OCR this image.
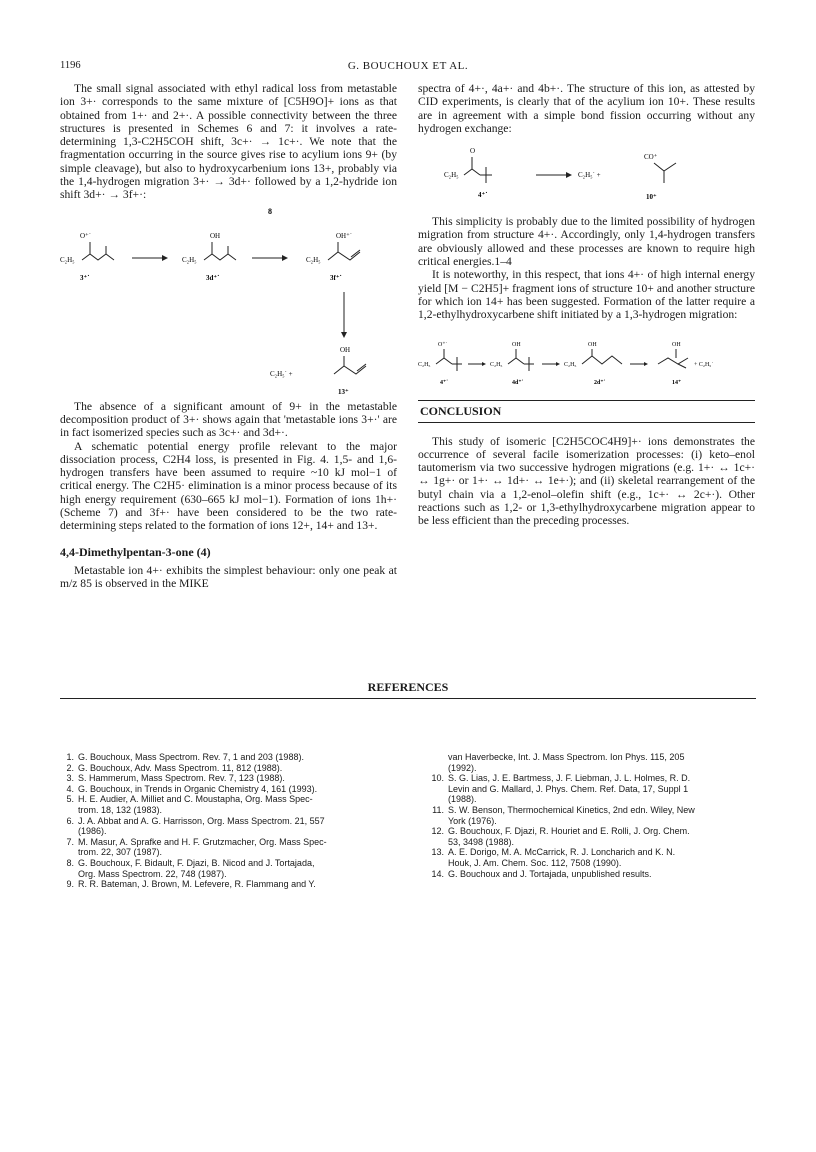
1196	G. BOUCHOUX ET AL.

The small signal associated with ethyl radical loss from metastable ion 3+· corresponds to the same mixture of [C5H9O]+ ions as that obtained from 1+· and 2+·. A possible connectivity between the three structures is presented in Schemes 6 and 7: it involves a rate-determining 1,3-C2H5COH shift, 3c+· → 1c+·. We note that the fragmentation occurring in the source gives rise to acylium ions 9+ (by simple cleavage), but also to hydroxycarbenium ions 13+, probably via the 1,4-hydrogen migration 3+· → 3d+· followed by a 1,2-hydride ion shift 3d+· → 3f+·:

8
O⁺˙
C₂H₅
3⁺˙
OH
C₂H₅
3d⁺˙
OH⁺˙
C₂H₅
3f⁺˙
OH
C₂H₅˙ +
13⁺

The absence of a significant amount of 9+ in the metastable decomposition product of 3+· shows again that 'metastable ions 3+·' are in fact isomerized species such as 3c+· and 3d+·.

A schematic potential energy profile relevant to the major dissociation process, C2H4 loss, is presented in Fig. 4. 1,5- and 1,6-hydrogen transfers have been assumed to require ~10 kJ mol−1 of critical energy. The C2H5· elimination is a minor process because of its high energy requirement (630–665 kJ mol−1). Formation of ions 1h+· (Scheme 7) and 3f+· have been considered to be the two rate-determining steps related to the formation of ions 12+, 14+ and 13+.

4,4-Dimethylpentan-3-one (4)

Metastable ion 4+· exhibits the simplest behaviour: only one peak at m/z 85 is observed in the MIKE

spectra of 4+·, 4a+· and 4b+·. The structure of this ion, as attested by CID experiments, is clearly that of the acylium ion 10+. These results are in agreement with a simple bond fission occurring without any hydrogen exchange:

O
C₂H₅
4⁺˙
C₂H₅˙ +
CO⁺
10⁺

This simplicity is probably due to the limited possibility of hydrogen migration from structure 4+·. Accordingly, only 1,4-hydrogen transfers are obviously allowed and these processes are known to require high critical energies.1–4

It is noteworthy, in this respect, that ions 4+· of high internal energy yield [M − C2H5]+ fragment ions of structure 10+ and another structure for which ion 14+ has been suggested. Formation of the latter require a 1,2-ethylhydroxycarbene shift initiated by a 1,3-hydrogen migration:

O⁺˙
C₂H₅
4⁺˙
OH
C₂H₅
4d⁺˙
OH
C₂H₅
2d⁺˙
OH
+ C₂H₅˙
14⁺
CONCLUSION

This study of isomeric [C2H5COC4H9]+· ions demonstrates the occurrence of several facile isomerization processes: (i) keto–enol tautomerism via two successive hydrogen migrations (e.g. 1+· ↔ 1c+· ↔ 1g+· or 1+· ↔ 1d+· ↔ 1e+·); and (ii) skeletal rearrangement of the butyl chain via a 1,2-enol–olefin shift (e.g., 1c+· ↔ 2c+·). Other reactions such as 1,2- or 1,3-ethylhydroxycarbene migration appear to be less efficient than the preceding processes.

REFERENCES
1. G. Bouchoux, Mass Spectrom. Rev. 7, 1 and 203 (1988).
2. G. Bouchoux, Adv. Mass Spectrom. 11, 812 (1988).
3. S. Hammerum, Mass Spectrom. Rev. 7, 123 (1988).
4. G. Bouchoux, in Trends in Organic Chemistry 4, 161 (1993).
5. H. E. Audier, A. Milliet and C. Moustapha, Org. Mass Spec-
trom. 18, 132 (1983).
6. J. A. Abbat and A. G. Harrisson, Org. Mass Spectrom. 21, 557
(1986).
7. M. Masur, A. Sprafke and H. F. Grutzmacher, Org. Mass Spec-
trom. 22, 307 (1987).
8. G. Bouchoux, F. Bidault, F. Djazi, B. Nicod and J. Tortajada,
Org. Mass Spectrom. 22, 748 (1987).
9. R. R. Bateman, J. Brown, M. Lefevere, R. Flammang and Y.
van Haverbecke, Int. J. Mass Spectrom. Ion Phys. 115, 205
(1992).
10. S. G. Lias, J. E. Bartmess, J. F. Liebman, J. L. Holmes, R. D.
Levin and G. Mallard, J. Phys. Chem. Ref. Data, 17, Suppl 1
(1988).
11. S. W. Benson, Thermochemical Kinetics, 2nd edn. Wiley, New
York (1976).
12. G. Bouchoux, F. Djazi, R. Houriet and E. Rolli, J. Org. Chem.
53, 3498 (1988).
13. A. E. Dorigo, M. A. McCarrick, R. J. Loncharich and K. N.
Houk, J. Am. Chem. Soc. 112, 7508 (1990).
14. G. Bouchoux and J. Tortajada, unpublished results.
